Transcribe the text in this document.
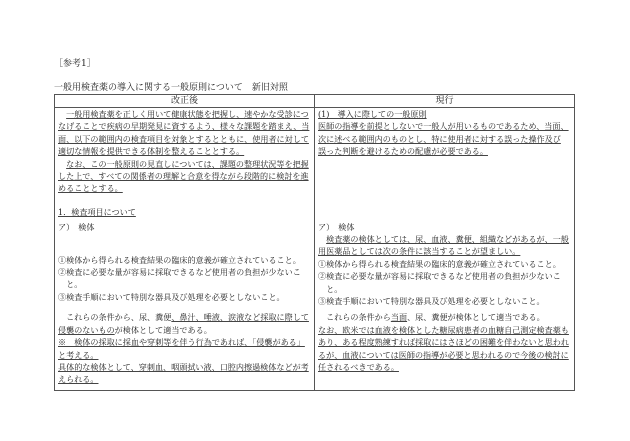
［参考1］
一般用検査薬の導入に関する一般原則について　新旧対照
改正後	現行
　一般用検査薬を正しく用いて健康状態を把握し、速やかな受診につ
なげることで疾病の早期発見に資するよう、様々な課題を踏まえ、当
面、以下の範囲内の検査項目を対象とするとともに、使用者に対して
適切な情報を提供できる体制を整えることとする。
　なお、この一般原則の見直しについては、課題の整理状況等を把握
した上で、すべての関係者の理解と合意を得ながら段階的に検討を進
めることとする。
1．検査項目について
ア）　検体
①検体から得られる検査結果の臨床的意義が確立されていること。
②検査に必要な量が容易に採取できるなど使用者の負担が少ないこ
　と。
③検査手順において特別な器具及び処理を必要としないこと。
　これらの条件から、尿、糞便、鼻汁、唾液、涙液など採取に際して
侵襲のないものが検体として適当である。
※　検体の採取に採血や穿刺等を伴う行為であれば、「侵襲がある」
と考える。
具体的な検体として、穿刺血、咽頭拭い液、口腔内擦過検体などが考
えられる。
(1)　導入に際しての一般原則
医師の指導を前提としないで一般人が用いるものであるため、当面、
次に述べる範囲内のものとし、特に使用者に対する誤った操作及び
誤った判断を避けるための配慮が必要である。
ア）　検体
　検査薬の検体としては、尿、血液、糞便、組織などがあるが、一般
用医薬品としては次の条件に該当することが望ましい。
①検体から得られる検査結果の臨床的意義が確立されていること。
②検査に必要な量が容易に採取できるなど使用者の負担が少ないこ
　と。
③検査手順において特別な器具及び処理を必要としないこと。
　これらの条件から当面、尿、糞便が検体として適当である。
なお、欧米では血液を検体とした糖尿病患者の血糖自己測定検査薬も
あり、ある程度熟練すれば採取にはさほどの困難を伴わないと思われ
るが、血液については医師の指導が必要と思われるので今後の検討に
任されるべきである。
